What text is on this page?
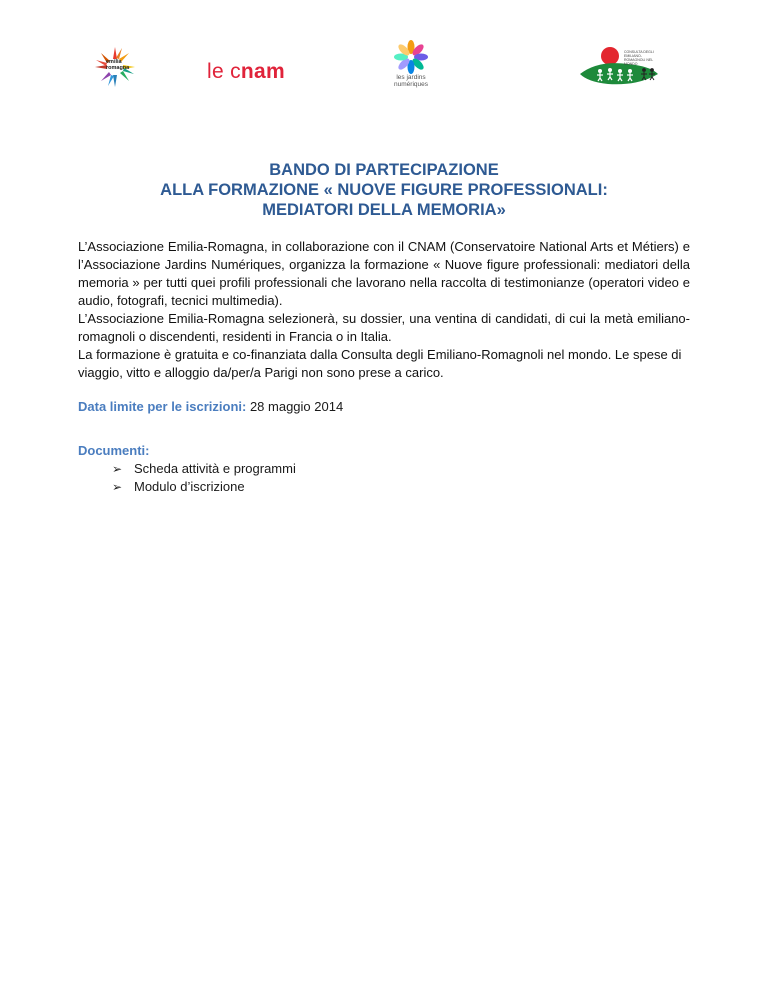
emilia romagna	le cnam	les jardins numériques
CONSULTA DEGLI EMILIANO-ROMAGNOLI NEL MONDO
BANDO DI PARTECIPAZIONE
ALLA FORMAZIONE « NUOVE FIGURE PROFESSIONALI:
MEDIATORI DELLA MEMORIA»

L’Associazione Emilia-Romagna, in collaborazione con il CNAM (Conservatoire National Arts et Métiers) e l’Associazione Jardins Numériques, organizza la formazione « Nuove figure professionali: mediatori della memoria » per tutti quei profili professionali che lavorano nella raccolta di testimonianze (operatori video e audio, fotografi, tecnici multimedia).

L’Associazione Emilia-Romagna selezionerà, su dossier, una ventina di candidati, di cui la metà emiliano-romagnoli o discendenti, residenti in Francia o in Italia.

La formazione è gratuita e co-finanziata dalla Consulta degli Emiliano-Romagnoli nel mondo. Le spese di viaggio, vitto e alloggio da/per/a Parigi non sono prese a carico.

Data limite per le iscrizioni: 28 maggio 2014
Documenti:
➢ Scheda attività e programmi
➢ Modulo d’iscrizione
